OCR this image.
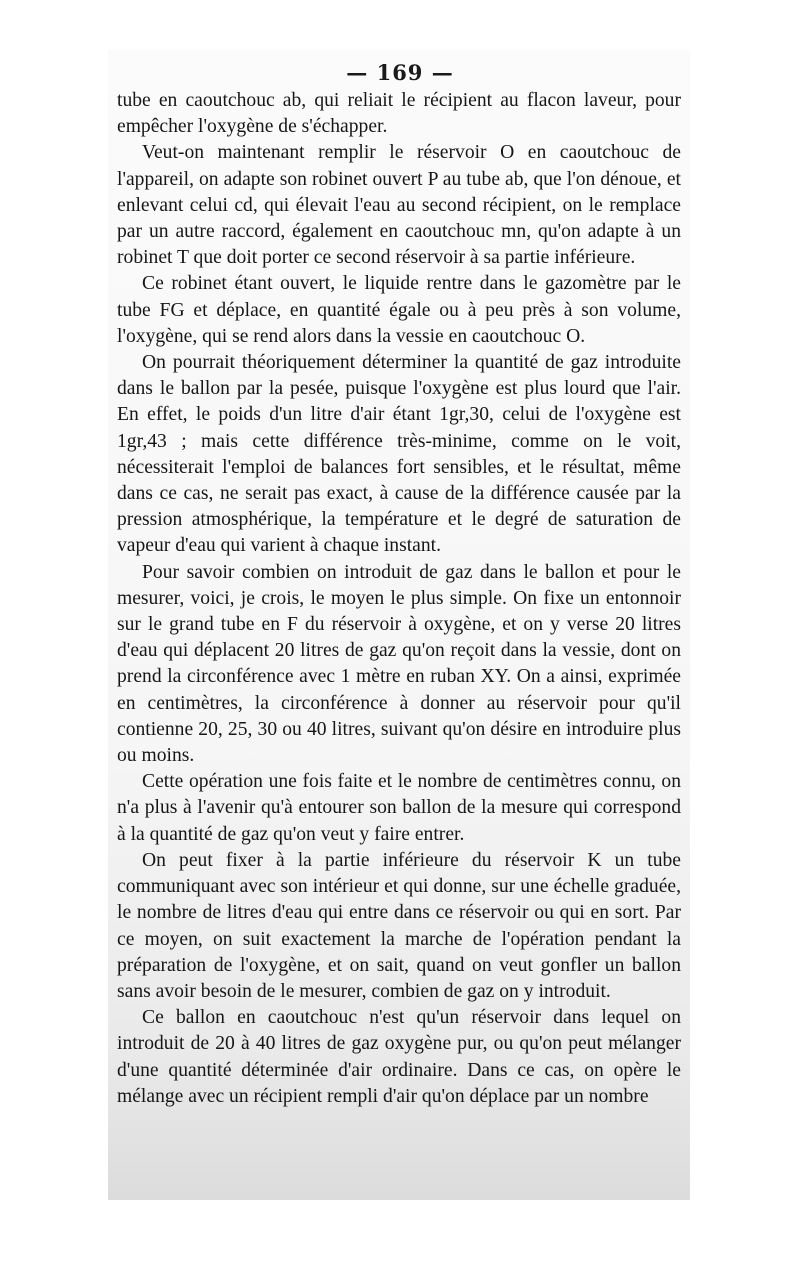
— 169 —

tube en caoutchouc ab, qui reliait le récipient au flacon laveur, pour empêcher l'oxygène de s'échapper.

Veut-on maintenant remplir le réservoir O en caoutchouc de l'appareil, on adapte son robinet ouvert P au tube ab, que l'on dénoue, et enlevant celui cd, qui élevait l'eau au second récipient, on le remplace par un autre raccord, également en caoutchouc mn, qu'on adapte à un robinet T que doit porter ce second réservoir à sa partie inférieure.

Ce robinet étant ouvert, le liquide rentre dans le gazomètre par le tube FG et déplace, en quantité égale ou à peu près à son volume, l'oxygène, qui se rend alors dans la vessie en caoutchouc O.

On pourrait théoriquement déterminer la quantité de gaz introduite dans le ballon par la pesée, puisque l'oxygène est plus lourd que l'air. En effet, le poids d'un litre d'air étant 1gr,30, celui de l'oxygène est 1gr,43 ; mais cette différence très-minime, comme on le voit, nécessiterait l'emploi de balances fort sensibles, et le résultat, même dans ce cas, ne serait pas exact, à cause de la différence causée par la pression atmosphérique, la température et le degré de saturation de vapeur d'eau qui varient à chaque instant.

Pour savoir combien on introduit de gaz dans le ballon et pour le mesurer, voici, je crois, le moyen le plus simple. On fixe un entonnoir sur le grand tube en F du réservoir à oxygène, et on y verse 20 litres d'eau qui déplacent 20 litres de gaz qu'on reçoit dans la vessie, dont on prend la circonférence avec 1 mètre en ruban XY. On a ainsi, exprimée en centimètres, la circonférence à donner au réservoir pour qu'il contienne 20, 25, 30 ou 40 litres, suivant qu'on désire en introduire plus ou moins.

Cette opération une fois faite et le nombre de centimètres connu, on n'a plus à l'avenir qu'à entourer son ballon de la mesure qui correspond à la quantité de gaz qu'on veut y faire entrer.

On peut fixer à la partie inférieure du réservoir K un tube communiquant avec son intérieur et qui donne, sur une échelle graduée, le nombre de litres d'eau qui entre dans ce réservoir ou qui en sort. Par ce moyen, on suit exactement la marche de l'opération pendant la préparation de l'oxygène, et on sait, quand on veut gonfler un ballon sans avoir besoin de le mesurer, combien de gaz on y introduit.

Ce ballon en caoutchouc n'est qu'un réservoir dans lequel on introduit de 20 à 40 litres de gaz oxygène pur, ou qu'on peut mélanger d'une quantité déterminée d'air ordinaire. Dans ce cas, on opère le mélange avec un récipient rempli d'air qu'on déplace par un nombre
